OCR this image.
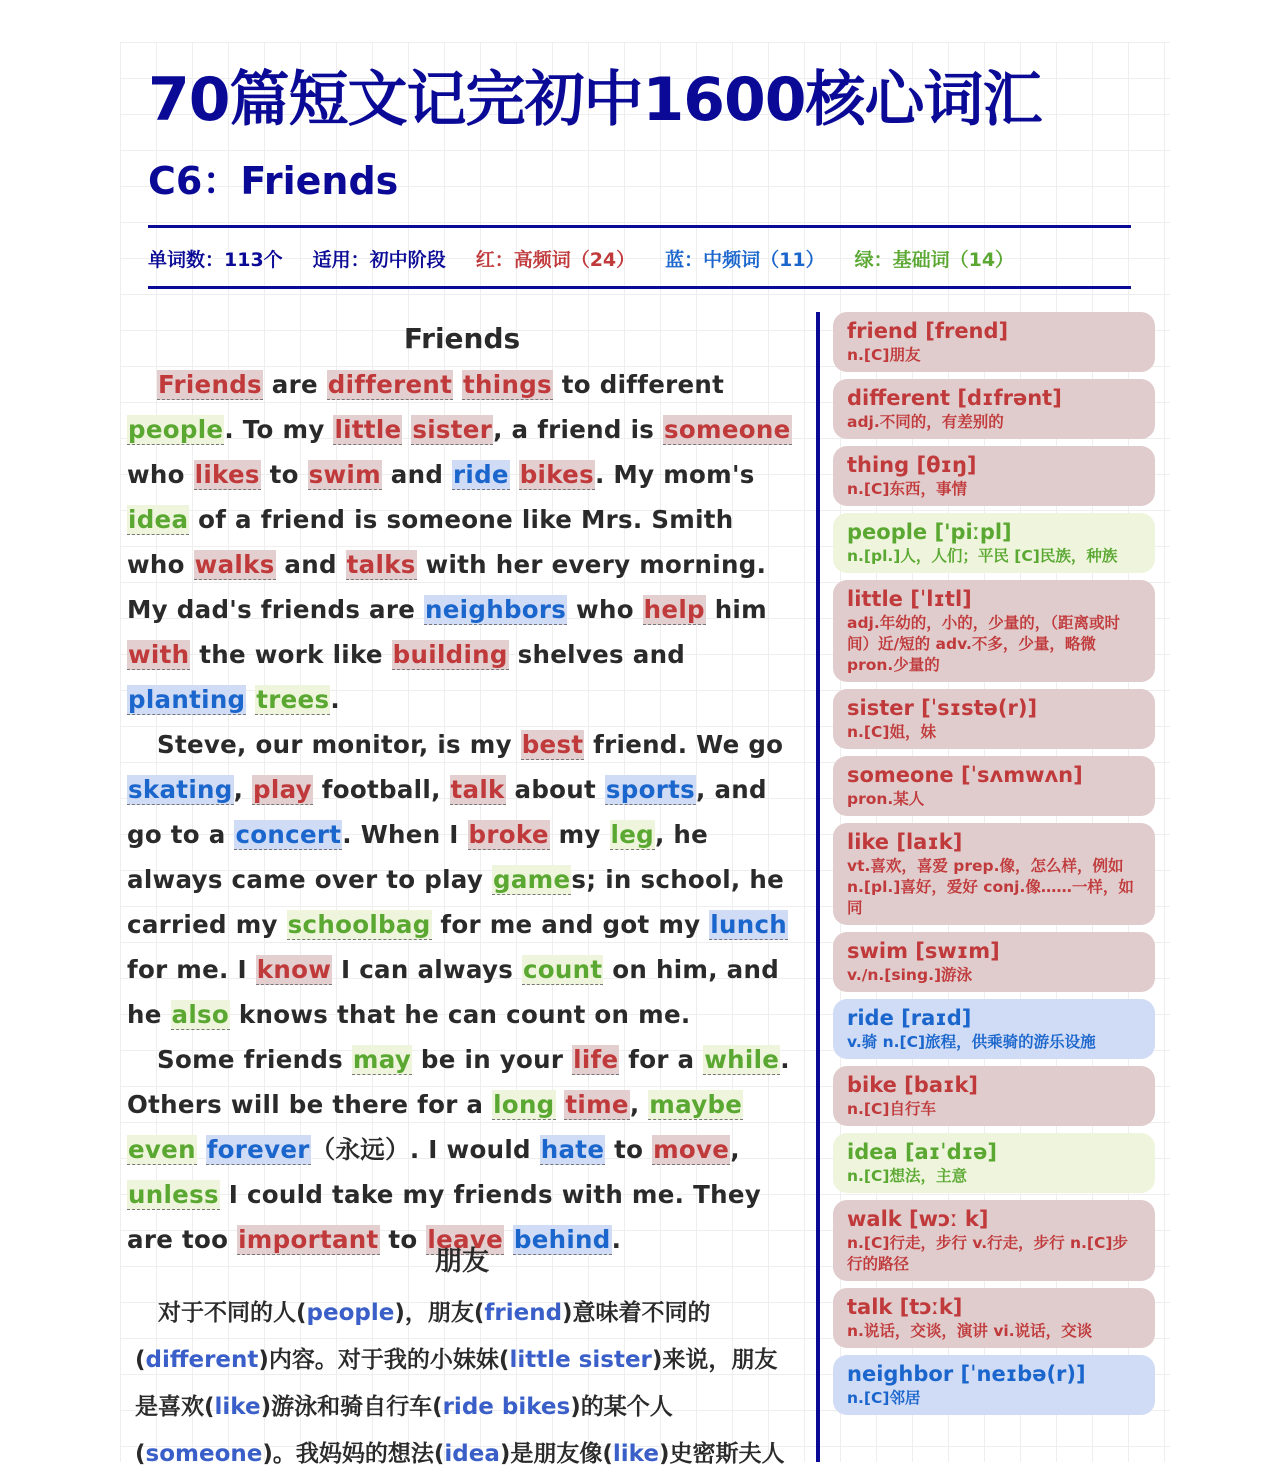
70篇短文记完初中1600核心词汇
C6：Friends
单词数：113个 适用：初中阶段 红：高频词（24） 蓝：中频词（11） 绿：基础词（14）
Friends

Friends are different things to different people. To my little sister, a friend is someone who likes to swim and ride bikes. My mom's idea of a friend is someone like Mrs. Smith who walks and talks with her every morning. My dad's friends are neighbors who help him with the work like building shelves and planting trees.

Steve, our monitor, is my best friend. We go skating, play football, talk about sports, and go to a concert. When I broke my leg, he always came over to play games; in school, he carried my schoolbag for me and got my lunch for me. I know I can always count on him, and he also knows that he can count on me.

Some friends may be in your life for a while. Others will be there for a long time, maybe even forever（永远）. I would hate to move, unless I could take my friends with me. They are too important to leave behind.

朋友
　对于不同的人(people)，朋友(friend)意味着不同的(different)内容。对于我的小妹妹(little sister)来说，朋友是喜欢(like)游泳和骑自行车(ride bikes)的某个人(someone)。我妈妈的想法(idea)是朋友像(like)史密斯夫人
friend [frend]
n.[C]朋友
different [dɪfrənt]
adj.不同的，有差别的
thing [θɪŋ]
n.[C]东西，事情
people ['piːpl]
n.[pl.]人，人们；平民 [C]民族，种族
little [ˈlɪtl]
adj.年幼的，小的，少量的，（距离或时间）近/短的 adv.不多，少量，略微 pron.少量的
sister [ˈsɪstə(r)]
n.[C]姐，妹
someone [ˈsʌmwʌn]
pron.某人
like [laɪk]
vt.喜欢，喜爱 prep.像，怎么样，例如 n.[pl.]喜好，爱好 conj.像……一样，如同
swim [swɪm]
v./n.[sing.]游泳
ride [raɪd]
v.骑 n.[C]旅程，供乘骑的游乐设施
bike [baɪk]
n.[C]自行车
idea [aɪˈdɪə]
n.[C]想法，主意
walk [wɔː k]
n.[C]行走，步行 v.行走，步行 n.[C]步行的路径
talk [tɔːk]
n.说话，交谈，演讲 vi.说话，交谈
neighbor [ˈneɪbə(r)]
n.[C]邻居
